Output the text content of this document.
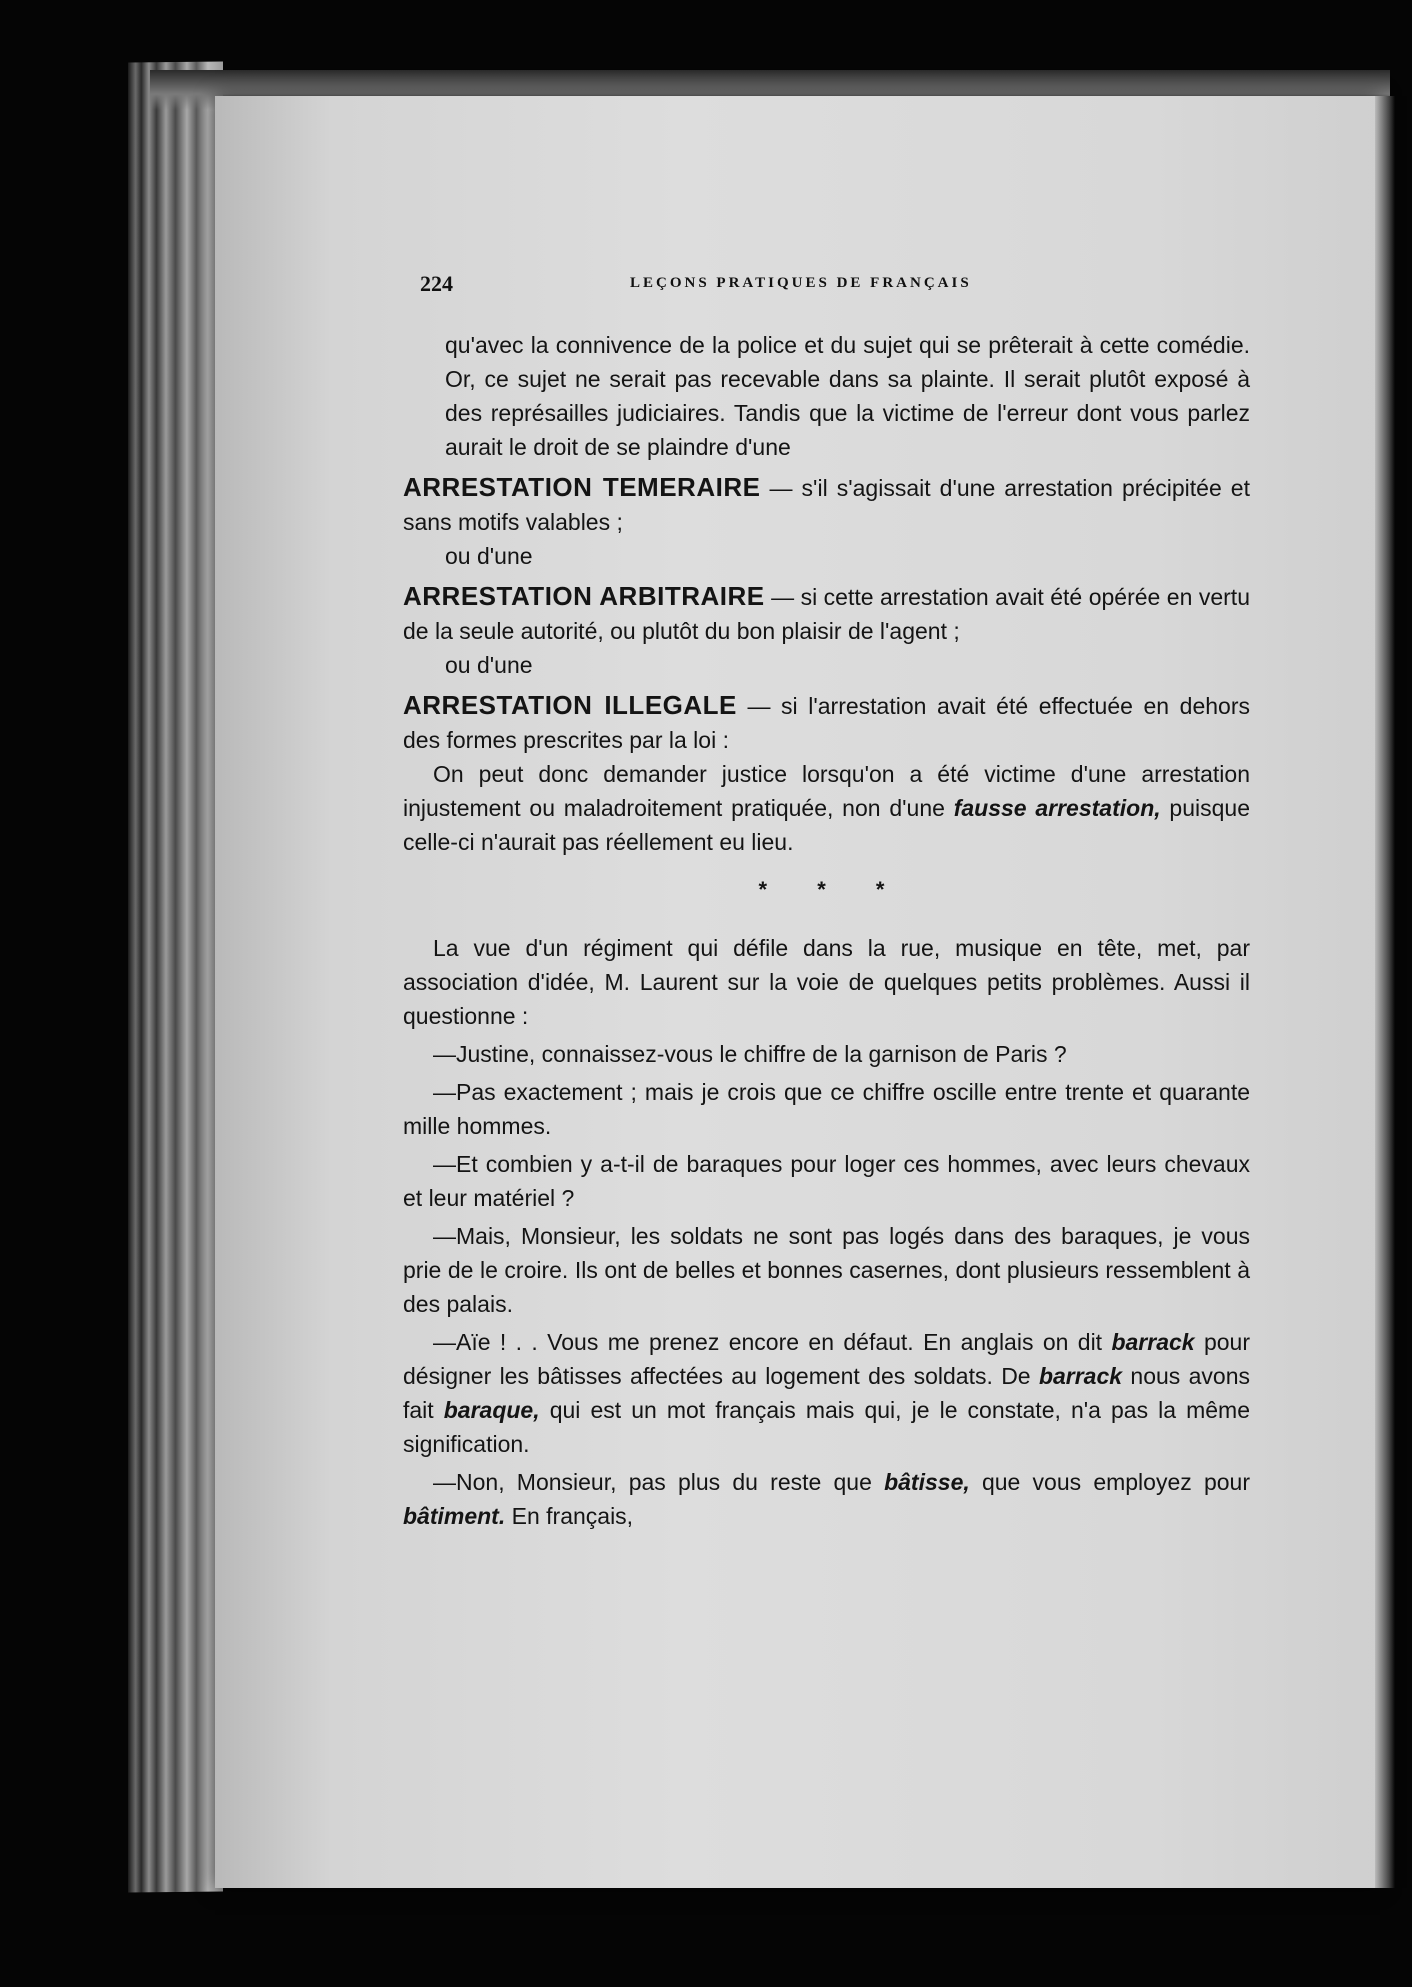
224	LEÇONS PRATIQUES DE FRANÇAIS

qu'avec la connivence de la police et du sujet qui se prêterait à cette comédie. Or, ce sujet ne serait pas recevable dans sa plainte. Il serait plutôt exposé à des représailles judiciaires. Tandis que la victime de l'erreur dont vous parlez aurait le droit de se plaindre d'une

ARRESTATION TEMERAIRE — s'il s'agissait d'une arrestation précipitée et sans motifs valables ;

ou d'une

ARRESTATION ARBITRAIRE — si cette arrestation avait été opérée en vertu de la seule autorité, ou plutôt du bon plaisir de l'agent ;

ou d'une

ARRESTATION ILLEGALE — si l'arrestation avait été effectuée en dehors des formes prescrites par la loi :

On peut donc demander justice lorsqu'on a été victime d'une arrestation injustement ou maladroitement pratiquée, non d'une fausse arrestation, puisque celle-ci n'aurait pas réellement eu lieu.

* * *

La vue d'un régiment qui défile dans la rue, musique en tête, met, par association d'idée, M. Laurent sur la voie de quelques petits problèmes. Aussi il questionne :

—Justine, connaissez-vous le chiffre de la garnison de Paris ?

—Pas exactement ; mais je crois que ce chiffre oscille entre trente et quarante mille hommes.

—Et combien y a-t-il de baraques pour loger ces hommes, avec leurs chevaux et leur matériel ?

—Mais, Monsieur, les soldats ne sont pas logés dans des baraques, je vous prie de le croire. Ils ont de belles et bonnes casernes, dont plusieurs ressemblent à des palais.

—Aïe ! . . Vous me prenez encore en défaut. En anglais on dit barrack pour désigner les bâtisses affectées au logement des soldats. De barrack nous avons fait baraque, qui est un mot français mais qui, je le constate, n'a pas la même signification.

—Non, Monsieur, pas plus du reste que bâtisse, que vous employez pour bâtiment. En français,
